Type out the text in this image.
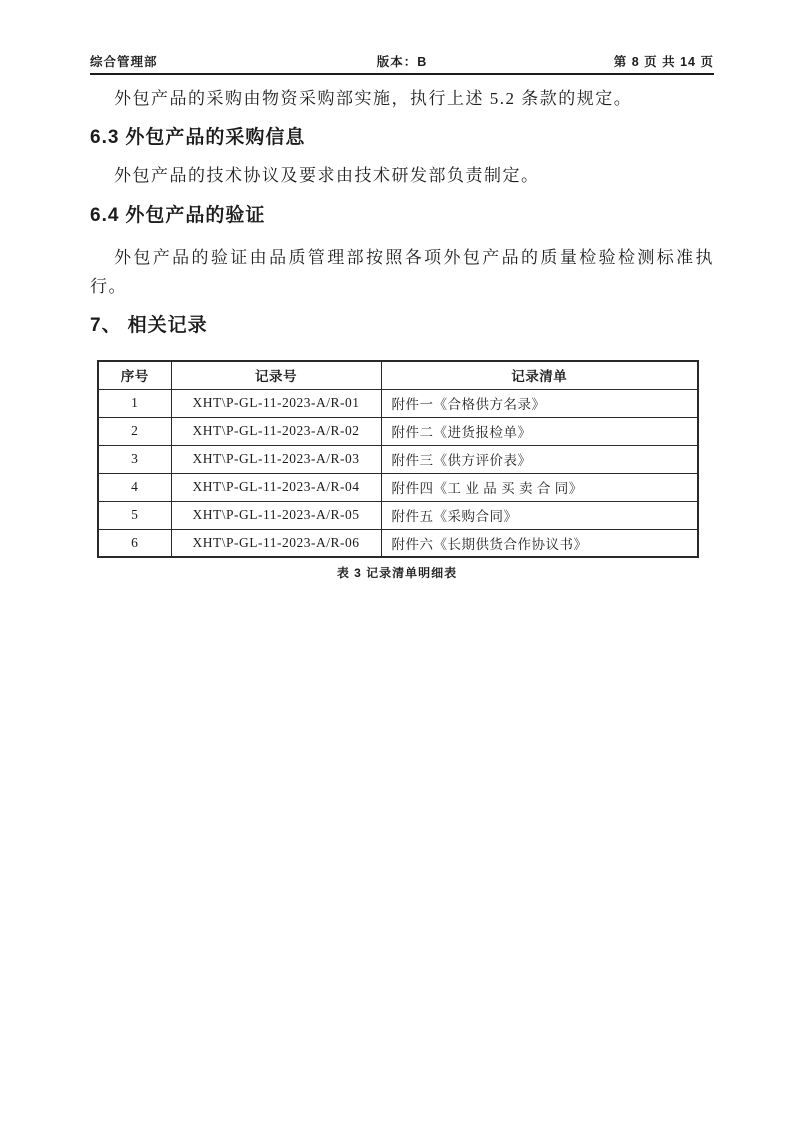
综合管理部	版本：B	第 8 页 共 14 页

外包产品的采购由物资采购部实施，执行上述 5.2 条款的规定。

6.3 外包产品的采购信息

外包产品的技术协议及要求由技术研发部负责制定。

6.4 外包产品的验证

外包产品的验证由品质管理部按照各项外包产品的质量检验检测标准执
行。

7、 相关记录
序号	记录号	记录清单
1	XHT\P-GL-11-2023-A/R-01	附件一《合格供方名录》
2	XHT\P-GL-11-2023-A/R-02	附件二《进货报检单》
3	XHT\P-GL-11-2023-A/R-03	附件三《供方评价表》
4	XHT\P-GL-11-2023-A/R-04	附件四《工 业 品 买 卖 合 同》
5	XHT\P-GL-11-2023-A/R-05	附件五《采购合同》
6	XHT\P-GL-11-2023-A/R-06	附件六《长期供货合作协议书》
表 3 记录清单明细表
